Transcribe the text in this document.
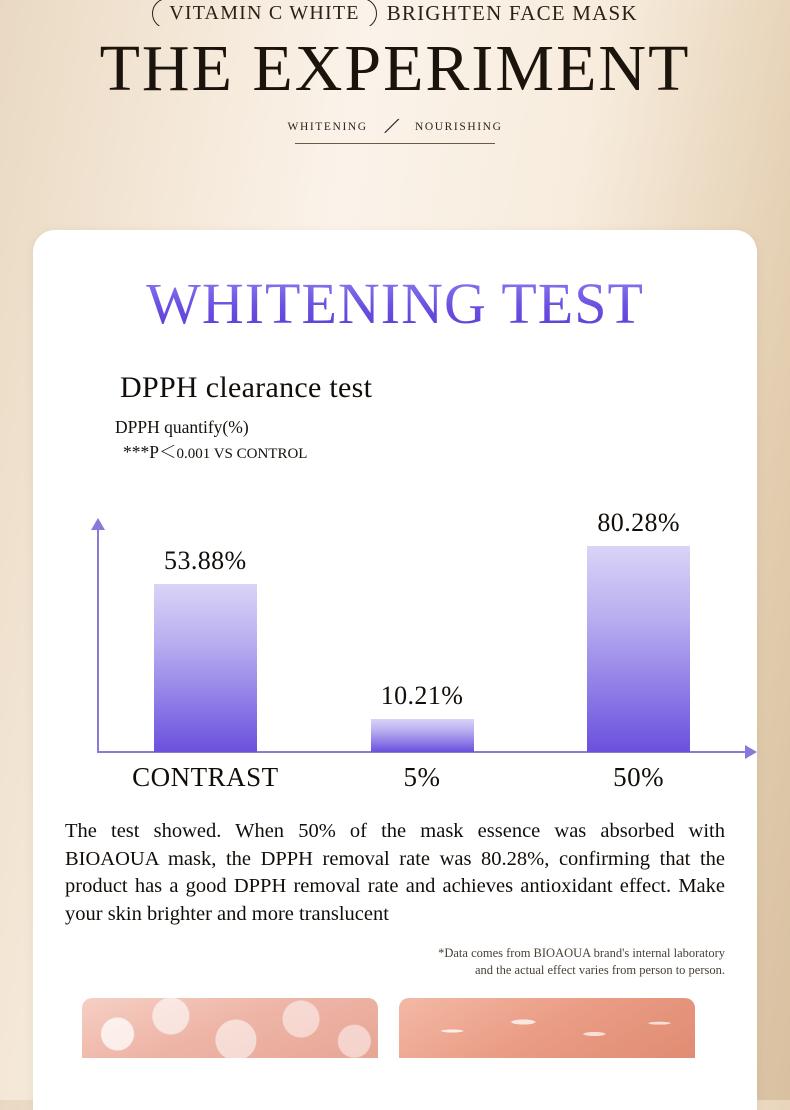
VITAMIN C WHITE	BRIGHTEN FACE MASK
THE EXPERIMENT
WHITENING ╱ NOURISHING
WHITENING TEST
DPPH clearance test
DPPH quantify(%)
***P＜0.001 VS CONTROL
53.88%
10.21%
80.28%
CONTRAST	5%	50%

The test showed. When 50% of the mask essence was absorbed with BIOAOUA mask, the DPPH removal rate was 80.28%, confirming that the product has a good DPPH removal rate and achieves antioxidant effect. Make your skin brighter and more translucent

*Data comes from BIOAOUA brand's internal laboratory
and the actual effect varies from person to person.
